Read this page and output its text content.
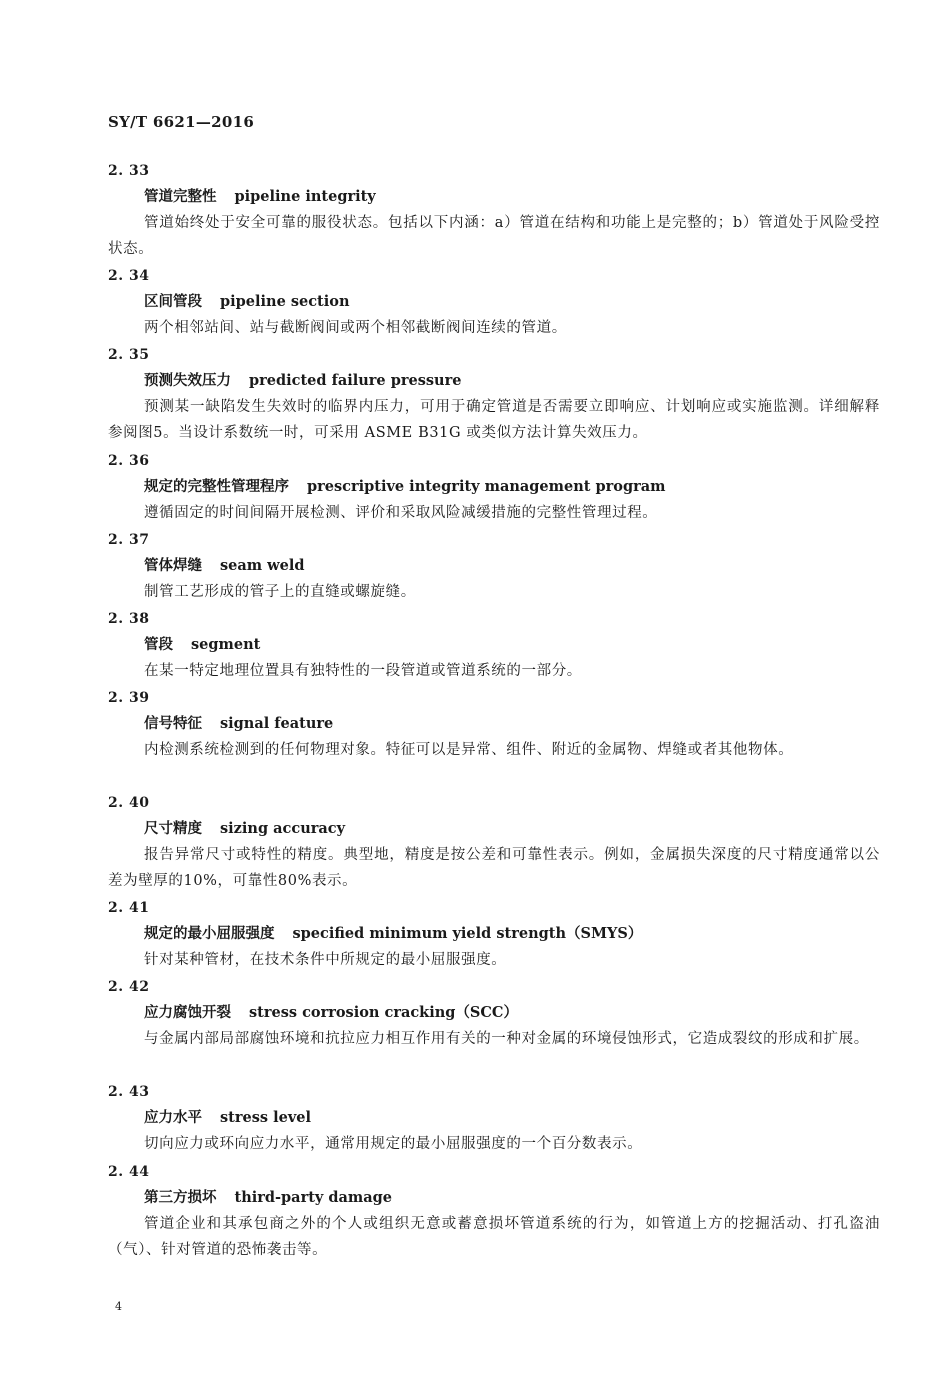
SY/T 6621—2016
2. 33
管道完整性 pipeline integrity
管道始终处于安全可靠的服役状态。包括以下内涵：a）管道在结构和功能上是完整的；b）管道处于风险受控状态。
2. 34
区间管段 pipeline section
两个相邻站间、站与截断阀间或两个相邻截断阀间连续的管道。
2. 35
预测失效压力 predicted failure pressure
预测某一缺陷发生失效时的临界内压力，可用于确定管道是否需要立即响应、计划响应或实施监测。详细解释参阅图5。当设计系数统一时，可采用 ASME B31G 或类似方法计算失效压力。
2. 36
规定的完整性管理程序 prescriptive integrity management program
遵循固定的时间间隔开展检测、评价和采取风险减缓措施的完整性管理过程。
2. 37
管体焊缝 seam weld
制管工艺形成的管子上的直缝或螺旋缝。
2. 38
管段 segment
在某一特定地理位置具有独特性的一段管道或管道系统的一部分。
2. 39
信号特征 signal feature
内检测系统检测到的任何物理对象。特征可以是异常、组件、附近的金属物、焊缝或者其他物体。
2. 40
尺寸精度 sizing accuracy
报告异常尺寸或特性的精度。典型地，精度是按公差和可靠性表示。例如，金属损失深度的尺寸精度通常以公差为壁厚的10%，可靠性80%表示。
2. 41
规定的最小屈服强度 specified minimum yield strength（SMYS）
针对某种管材，在技术条件中所规定的最小屈服强度。
2. 42
应力腐蚀开裂 stress corrosion cracking（SCC）
与金属内部局部腐蚀环境和抗拉应力相互作用有关的一种对金属的环境侵蚀形式，它造成裂纹的形成和扩展。
2. 43
应力水平 stress level
切向应力或环向应力水平，通常用规定的最小屈服强度的一个百分数表示。
2. 44
第三方损坏 third-party damage
管道企业和其承包商之外的个人或组织无意或蓄意损坏管道系统的行为，如管道上方的挖掘活动、打孔盗油（气）、针对管道的恐怖袭击等。
4
